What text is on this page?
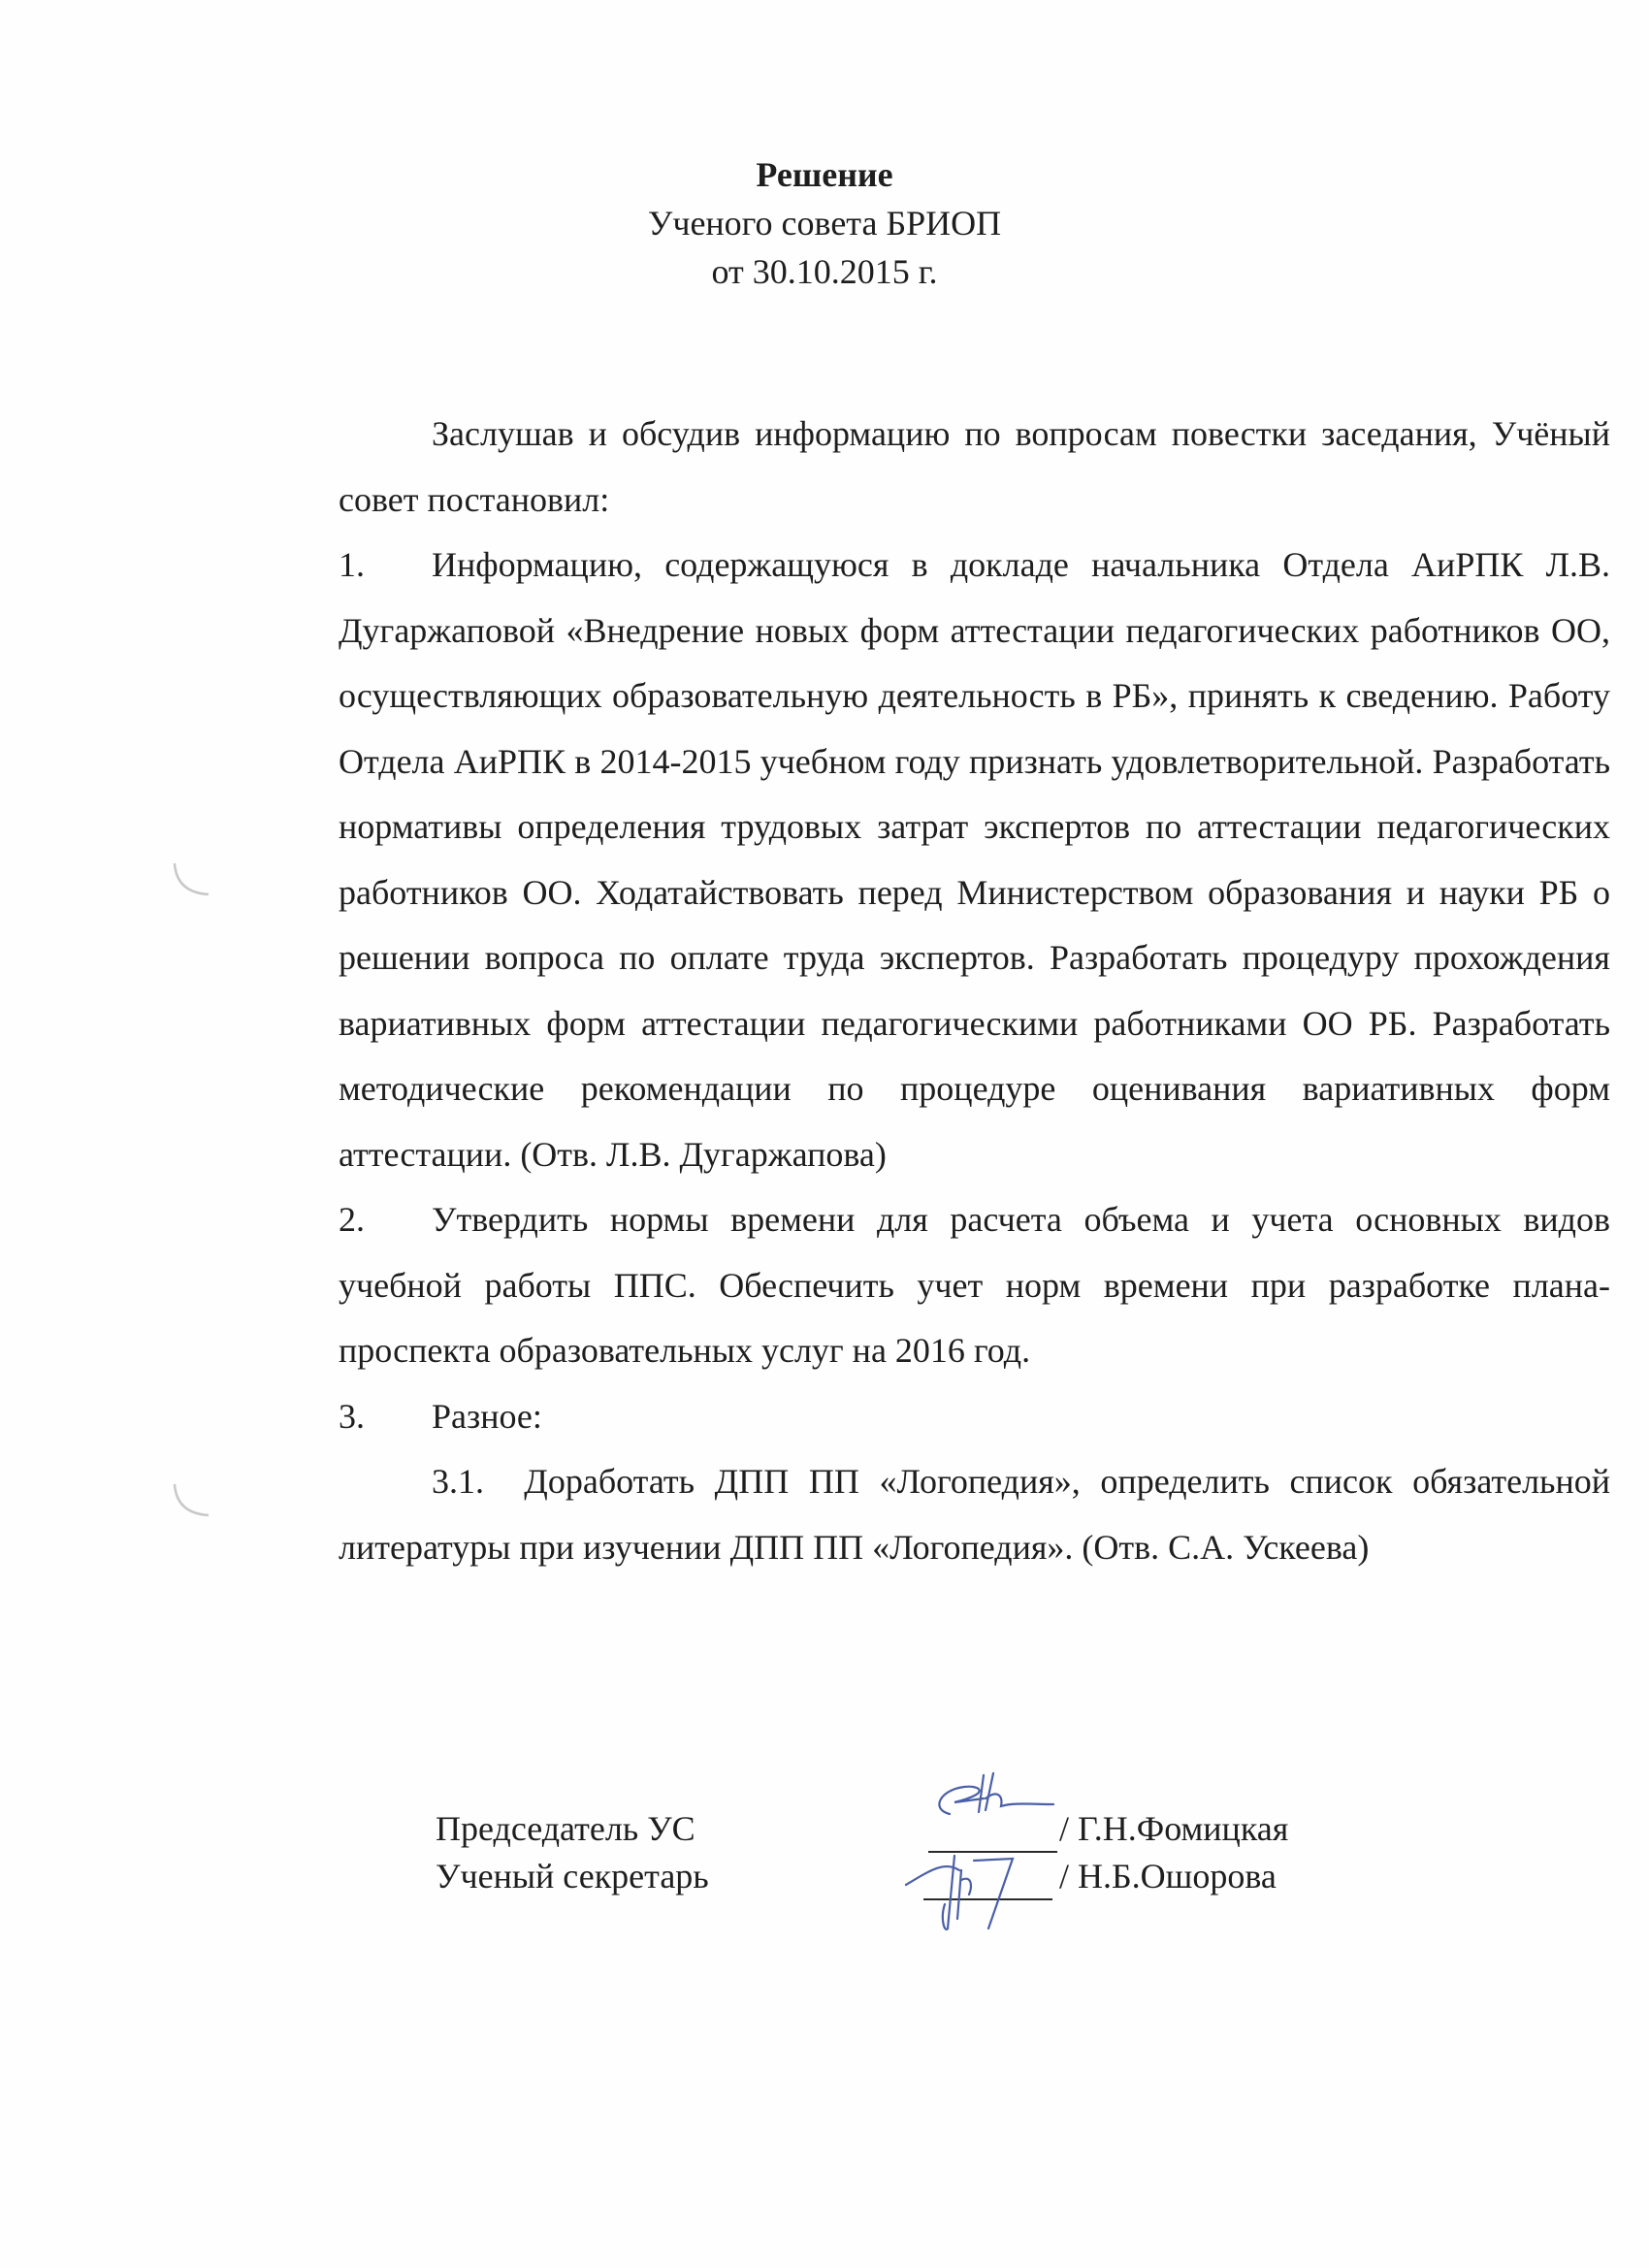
Решение
Ученого совета БРИОП
от 30.10.2015 г.

Заслушав и обсудив информацию по вопросам повестки заседания, Учёный совет постановил:

1. Информацию, содержащуюся в докладе начальника Отдела АиРПК Л.В. Дугаржаповой «Внедрение новых форм аттестации педагогических работников ОО, осуществляющих образовательную деятельность в РБ», принять к сведению. Работу Отдела АиРПК в 2014-2015 учебном году признать удовлетворительной. Разработать нормативы определения трудовых затрат экспертов по аттестации педагогических работников ОО. Ходатайствовать перед Министерством образования и науки РБ о решении вопроса по оплате труда экспертов. Разработать процедуру прохождения вариативных форм аттестации педагогическими работниками ОО РБ. Разработать методические рекомендации по процедуре оценивания вариативных форм аттестации. (Отв. Л.В. Дугаржапова)

2. Утвердить нормы времени для расчета объема и учета основных видов учебной работы ППС. Обеспечить учет норм времени при разработке плана-проспекта образовательных услуг на 2016 год.

3. Разное:

3.1. Доработать ДПП ПП «Логопедия», определить список обязательной литературы при изучении ДПП ПП «Логопедия». (Отв. С.А. Ускеева)

Председатель УС	/ Г.Н.Фомицкая
Ученый секретарь	/ Н.Б.Ошорова
